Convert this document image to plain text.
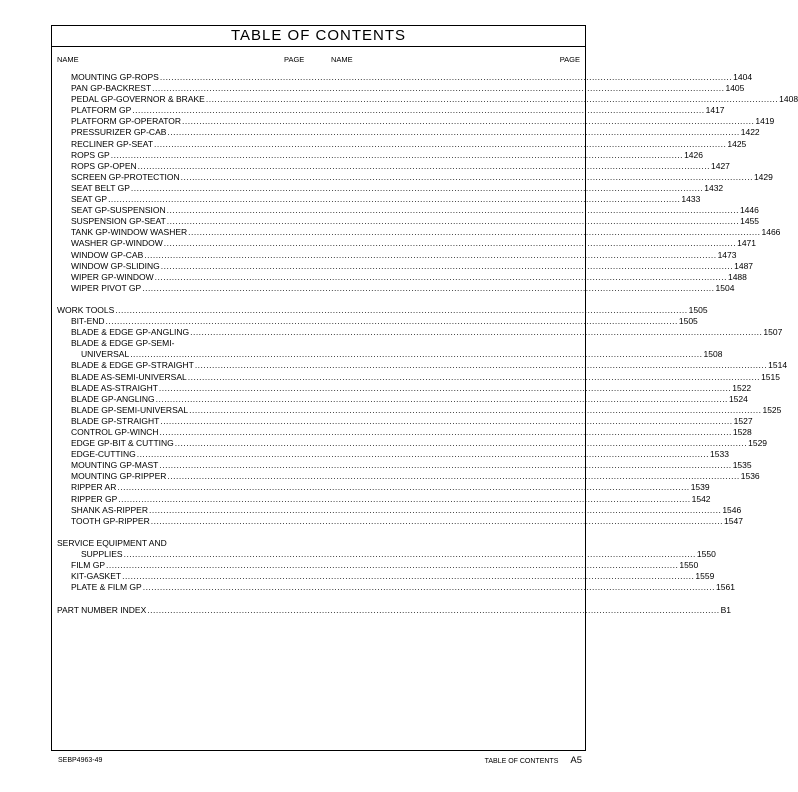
TABLE OF CONTENTS
NAME	PAGE	NAME	PAGE
MOUNTING GP-ROPS ........................................................................................................................................................................................................ 1404
PAN GP-BACKREST ........................................................................................................................................................................................................ 1405
PEDAL GP-GOVERNOR & BRAKE ........................................................................................................................................................................................................ 1408
PLATFORM GP ........................................................................................................................................................................................................ 1417
PLATFORM GP-OPERATOR ........................................................................................................................................................................................................ 1419
PRESSURIZER GP-CAB ........................................................................................................................................................................................................ 1422
RECLINER GP-SEAT ........................................................................................................................................................................................................ 1425
ROPS GP ........................................................................................................................................................................................................ 1426
ROPS GP-OPEN ........................................................................................................................................................................................................ 1427
SCREEN GP-PROTECTION ........................................................................................................................................................................................................ 1429
SEAT BELT GP ........................................................................................................................................................................................................ 1432
SEAT GP ........................................................................................................................................................................................................ 1433
SEAT GP-SUSPENSION ........................................................................................................................................................................................................ 1446
SUSPENSION GP-SEAT ........................................................................................................................................................................................................ 1455
TANK GP-WINDOW WASHER ........................................................................................................................................................................................................ 1466
WASHER GP-WINDOW ........................................................................................................................................................................................................ 1471
WINDOW GP-CAB ........................................................................................................................................................................................................ 1473
WINDOW GP-SLIDING ........................................................................................................................................................................................................ 1487
WIPER GP-WINDOW ........................................................................................................................................................................................................ 1488
WIPER PIVOT GP ........................................................................................................................................................................................................ 1504
WORK TOOLS ........................................................................................................................................................................................................ 1505
BIT-END ........................................................................................................................................................................................................ 1505
BLADE & EDGE GP-ANGLING ........................................................................................................................................................................................................ 1507
BLADE & EDGE GP-SEMI-
UNIVERSAL ........................................................................................................................................................................................................ 1508
BLADE & EDGE GP-STRAIGHT ........................................................................................................................................................................................................ 1514
BLADE AS-SEMI-UNIVERSAL ........................................................................................................................................................................................................ 1515
BLADE AS-STRAIGHT ........................................................................................................................................................................................................ 1522
BLADE GP-ANGLING ........................................................................................................................................................................................................ 1524
BLADE GP-SEMI-UNIVERSAL ........................................................................................................................................................................................................ 1525
BLADE GP-STRAIGHT ........................................................................................................................................................................................................ 1527
CONTROL GP-WINCH ........................................................................................................................................................................................................ 1528
EDGE GP-BIT & CUTTING ........................................................................................................................................................................................................ 1529
EDGE-CUTTING ........................................................................................................................................................................................................ 1533
MOUNTING GP-MAST ........................................................................................................................................................................................................ 1535
MOUNTING GP-RIPPER ........................................................................................................................................................................................................ 1536
RIPPER AR ........................................................................................................................................................................................................ 1539
RIPPER GP ........................................................................................................................................................................................................ 1542
SHANK AS-RIPPER ........................................................................................................................................................................................................ 1546
TOOTH GP-RIPPER ........................................................................................................................................................................................................ 1547
SERVICE EQUIPMENT AND
SUPPLIES ........................................................................................................................................................................................................ 1550
FILM GP ........................................................................................................................................................................................................ 1550
KIT-GASKET ........................................................................................................................................................................................................ 1559
PLATE & FILM GP ........................................................................................................................................................................................................ 1561
PART NUMBER INDEX ........................................................................................................................................................................................................ B1
SEBP4963-49	TABLE OF CONTENTS A5
